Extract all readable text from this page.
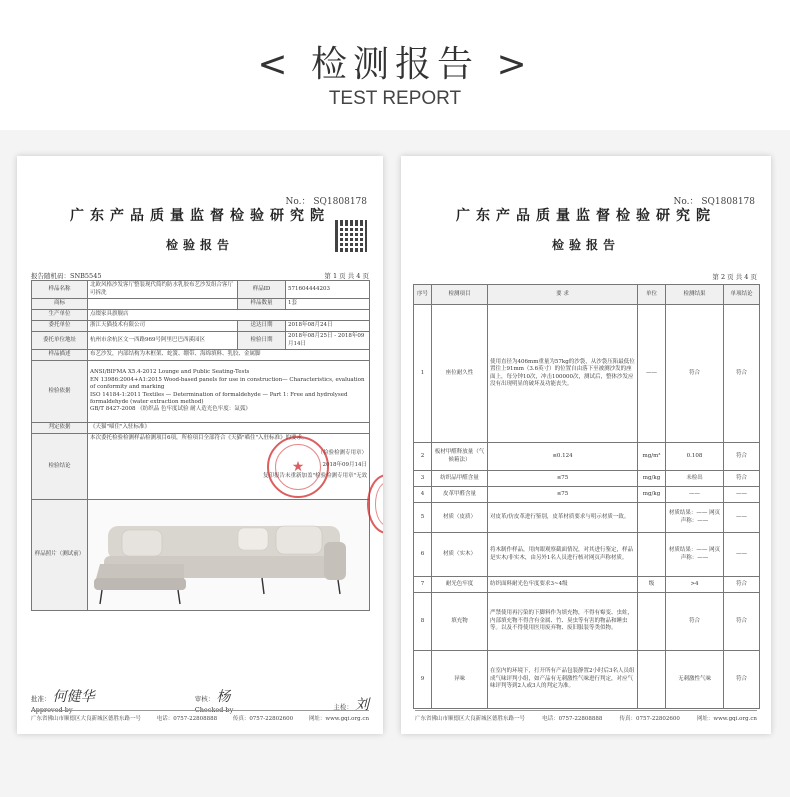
< 检测报告 >
TEST REPORT
No.： SQ1808178
广东产品质量监督检验研究院
检验报告
报告随机码：SNB5545	第 1 页 共 4 页
样品名称	北欧风格沙发客厅整装现代简约防水乳胶布艺沙发组合客厅可拆洗	样品ID	571604444203
商标		样品数量	1套
生产单位	点缀家具旗舰店		
委托单位	浙江天猫技术有限公司	送达日期	2018年08月24日
委托单位地址	杭州市余杭区文一西路969号阿里巴巴西溪园区	检验日期	2018年08月25日 - 2018年09月14日
样品描述	布艺沙发，内部结构为木框架、蛇簧、绷带、海绵填料、乳胶、金属脚		
检验依据	ANSI/BIFMA X5.4-2012 Lounge and Public Seating-Tests
EN 13986:2004+A1:2015 Wood-based panels for use in construction— Characteristics, evaluation of conformity and marking
ISO 14184-1:2011 Textiles — Determination of formaldehyde — Part 1: Free and hydrolysed formaldehyde (water extraction method)
GB/T 8427-2008 《纺织品 色牢度试验 耐人造光色牢度：氙弧》		

判定依据	《天猫"喵住"入驻标准》		
检验结论	本次委托检验检测样品检测项目6项，所检项目全部符合《天猫"喵住"入驻标准》的要求。
（检验检测专用章）
2018年09月14日
复印报告未重新加盖"检验检测专用章"无效
★		

样品照片（测试前）	
批准： 何健华
Approved by
审核： 杨
Checked by	主检： 刘
广东省佛山市顺德区大良新城区德胜东路一号	电话：0757-22808888	传真：0757-22802600	网址：www.gqi.org.cn
No.： SQ1808178
广东产品质量监督检验研究院
检验报告
第 2 页 共 4 页
序号	检测项目	要 求	单位	检测结果	单项结论
1	座位耐久性	使用直径为406mm重量为57kg的沙袋，从沙袋压陷最低位置往上91mm（3.6英寸）的位置自由落下至被测沙发的座面上，每分钟10次，冲击100000次，测试后，整体沙发应没有出现明显的破坏及功能丧失。	——	符合	符合
2	板材甲醛释放量（气候箱法）	≤0.124	mg/m³	0.108	符合
3	纺织品甲醛含量	≤75	mg/kg	未检出	符合
4	皮革甲醛含量	≤75	mg/kg	——	——
5	材质（皮质）	对皮革/仿皮革进行鉴别，皮革材质要求与明示材质一致。		材质结果：—— 网页声称：——	——
6	材质（实木）	将木制作样品，用肉眼观察截面情况，对其进行鉴定，样品是实木/非实木，由另外1名人员进行核对网页声称材质。		材质结果：—— 网页声称：——	——
7	耐光色牢度	纺织面料耐光色牢度要求3~4级	级	>4	符合
8	填充物	严禁使用再污染的下脚料作为填充物，不得有霉变、虫蛀，内部填充物不得含有金属、竹、臭虫等有害的物品和睡虫等。以及不得使用医用废弃物、废旧服装等类似物。		符合	符合
9	异味	在室内的环境下，打开所有产品包装静置2小时后3名人员组成气味评判小组，如产品有无刺激性气味进行判定，对应气味评判等到2人或3人的判定为准。		无刺激性气味	符合
广东省佛山市顺德区大良新城区德胜东路一号	电话：0757-22808888	传真：0757-22802600	网址：www.gqi.org.cn
